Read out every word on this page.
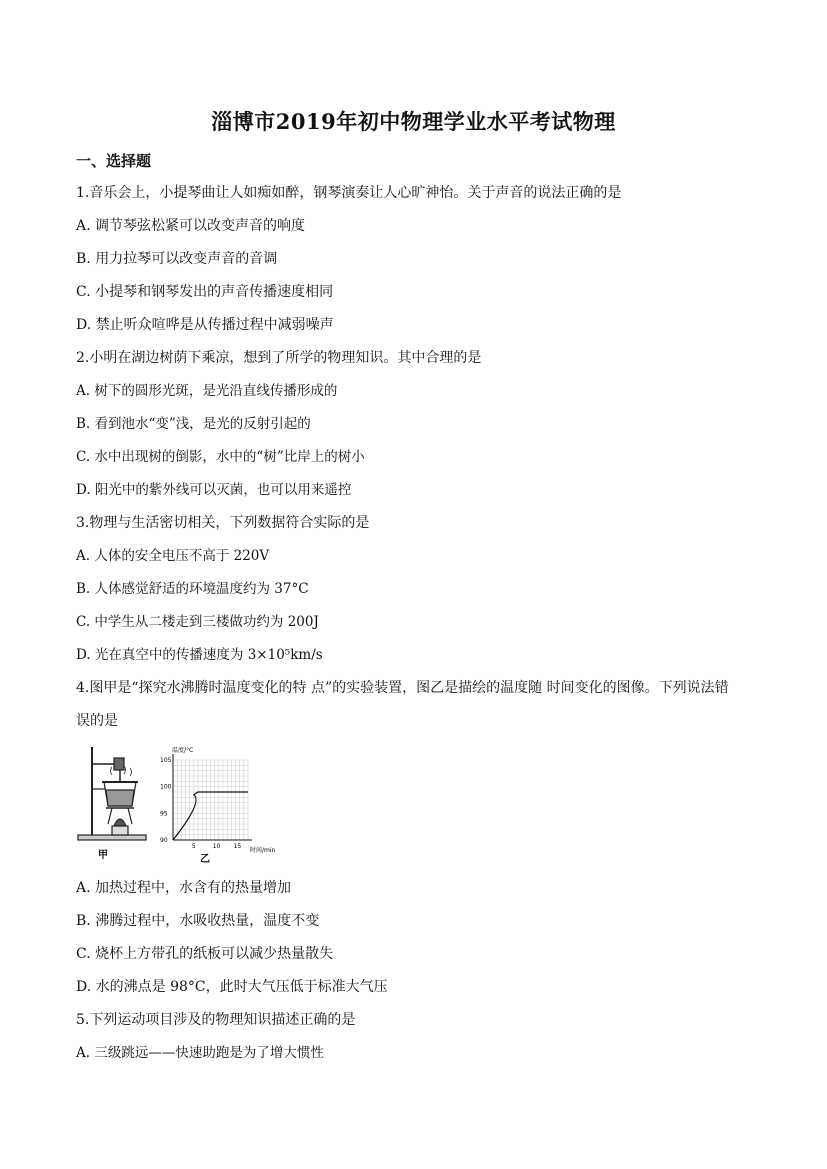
淄博市2019年初中物理学业水平考试物理
一、选择题
1.音乐会上，小提琴曲让人如痴如醉，钢琴演奏让人心旷神怡。关于声音的说法正确的是
A. 调节琴弦松紧可以改变声音的响度
B. 用力拉琴可以改变声音的音调
C. 小提琴和钢琴发出的声音传播速度相同
D. 禁止听众喧哗是从传播过程中减弱噪声
2.小明在湖边树荫下乘凉，想到了所学的物理知识。其中合理的是
A. 树下的圆形光斑，是光沿直线传播形成的
B. 看到池水“变”浅，是光的反射引起的
C. 水中出现树的倒影，水中的“树”比岸上的树小
D. 阳光中的紫外线可以灭菌，也可以用来遥控
3.物理与生活密切相关，下列数据符合实际的是
A. 人体的安全电压不高于 220V
B. 人体感觉舒适的环境温度约为 37°C
C. 中学生从二楼走到三楼做功约为 200J
D. 光在真空中的传播速度为 3×10⁵km/s
4.图甲是“探究水沸腾时温度变化的特 点”的实验装置，图乙是描绘的温度随 时间变化的图像。下列说法错
误的是
甲
温度/°C
时间/min
90
95
100
105
5	10 15
乙
A. 加热过程中，水含有的热量增加
B. 沸腾过程中，水吸收热量，温度不变
C. 烧杯上方带孔的纸板可以减少热量散失
D. 水的沸点是 98°C，此时大气压低于标准大气压
5.下列运动项目涉及的物理知识描述正确的是
A. 三级跳远——快速助跑是为了增大惯性
